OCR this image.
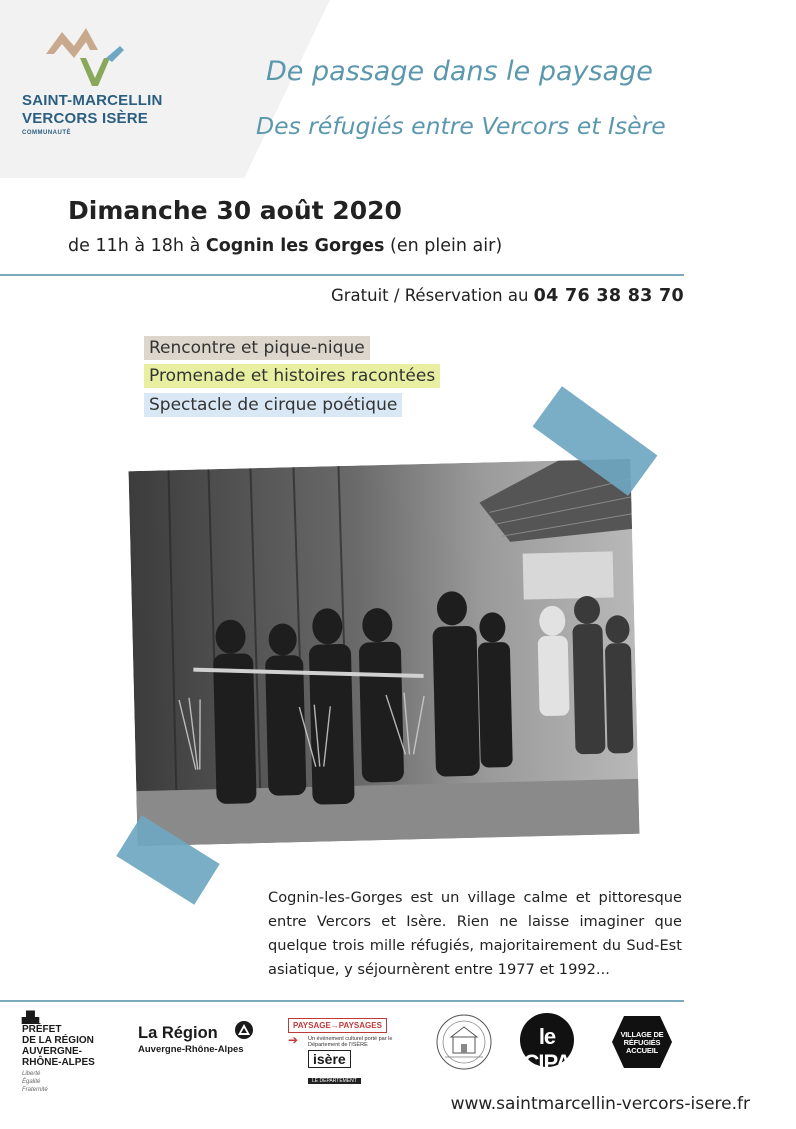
SAINT-MARCELLIN
VERCORS ISÈRE
COMMUNAUTÉ
De passage dans le paysage
Des réfugiés entre Vercors et Isère
Dimanche 30 août 2020
de 11h à 18h à Cognin les Gorges (en plein air)
Gratuit / Réservation au 04 76 38 83 70
Rencontre et pique-nique
Promenade et histoires racontées
Spectacle de cirque poétique
Cognin-les-Gorges est un village calme et pittoresque entre Vercors et Isère. Rien ne laisse imaginer que quelque trois mille réfugiés, majoritairement du Sud-Est asiatique, y séjournèrent entre 1977 et 1992...
▟▙
PRÉFET
DE LA RÉGION
AUVERGNE-
RHÔNE-ALPES
Liberté
Égalité
Fraternité
La Région
Auvergne-Rhône-Alpes
PAYSAGE→PAYSAGES
➔ Un événement culturel porté par le Département de l'ISÈRE
isère
LE DÉPARTEMENT
le CIPA
VILLAGE DE
RÉFUGIÉS
ACCUEIL
www.saintmarcellin-vercors-isere.fr
